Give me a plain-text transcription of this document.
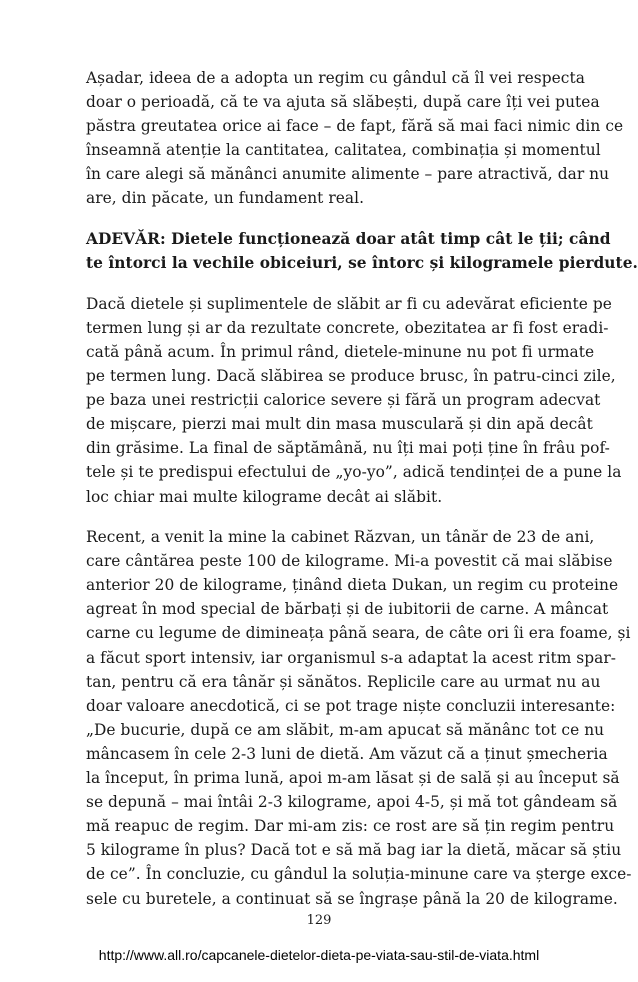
Așadar, ideea de a adopta un regim cu gândul că îl vei respecta
doar o perioadă, că te va ajuta să slăbești, după care îți vei putea
păstra greutatea orice ai face – de fapt, fără să mai faci nimic din ce
înseamnă atenție la cantitatea, calitatea, combinația și momentul
în care alegi să mănânci anumite alimente – pare atractivă, dar nu
are, din păcate, un fundament real.
ADEVĂR: Dietele funcționează doar atât timp cât le ții; când
te întorci la vechile obiceiuri, se întorc și kilogramele pierdute.
Dacă dietele și suplimentele de slăbit ar fi cu adevărat eficiente pe
termen lung și ar da rezultate concrete, obezitatea ar fi fost eradi-
cată până acum. În primul rând, dietele-minune nu pot fi urmate
pe termen lung. Dacă slăbirea se produce brusc, în patru-cinci zile,
pe baza unei restricții calorice severe și fără un program adecvat
de mișcare, pierzi mai mult din masa musculară și din apă decât
din grăsime. La final de săptămână, nu îți mai poți ține în frâu pof-
tele și te predispui efectului de „yo-yo”, adică tendinței de a pune la
loc chiar mai multe kilograme decât ai slăbit.
Recent, a venit la mine la cabinet Răzvan, un tânăr de 23 de ani,
care cântărea peste 100 de kilograme. Mi-a povestit că mai slăbise
anterior 20 de kilograme, ținând dieta Dukan, un regim cu proteine
agreat în mod special de bărbați și de iubitorii de carne. A mâncat
carne cu legume de dimineața până seara, de câte ori îi era foame, și
a făcut sport intensiv, iar organismul s-a adaptat la acest ritm spar-
tan, pentru că era tânăr și sănătos. Replicile care au urmat nu au
doar valoare anecdotică, ci se pot trage niște concluzii interesante:
„De bucurie, după ce am slăbit, m-am apucat să mănânc tot ce nu
mâncasem în cele 2-3 luni de dietă. Am văzut că a ținut șmecheria
la început, în prima lună, apoi m-am lăsat și de sală și au început să
se depună – mai întâi 2-3 kilograme, apoi 4-5, și mă tot gândeam să
mă reapuc de regim. Dar mi-am zis: ce rost are să țin regim pentru
5 kilograme în plus? Dacă tot e să mă bag iar la dietă, măcar să știu
de ce”. În concluzie, cu gândul la soluția-minune care va șterge exce-
sele cu buretele, a continuat să se îngrașe până la 20 de kilograme.
129
http://www.all.ro/capcanele-dietelor-dieta-pe-viata-sau-stil-de-viata.html
